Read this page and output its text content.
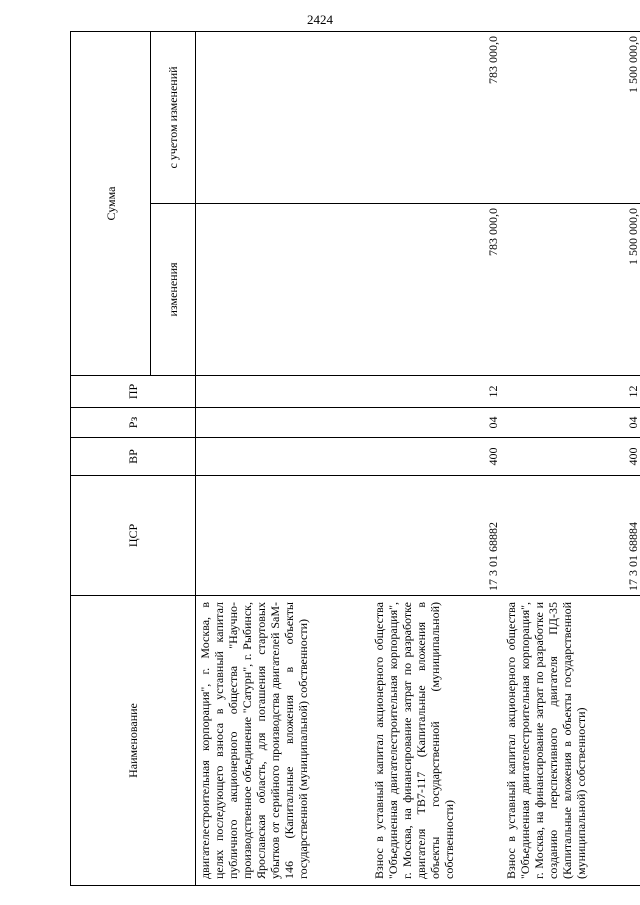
2424
Наименование	ЦСР	ВР	Рз	ПР	Сумма	
					изменения	с учетом изменений
двигателестроительная корпорация", г. Москва, в целях последующего взноса в уставный капитал публичного акционерного общества "Научно-производственное объединение "Сатурн", г. Рыбинск, Ярославская область, для погашения стартовых убытков от серийного производства двигателей SaM-146 (Капитальные вложения в объекты государственной (муниципальной) собственности)						
Взнос в уставный капитал акционерного общества "Объединенная двигателестроительная корпорация", г. Москва, на финансирование затрат по разработке двигателя ТВ7-117 (Капитальные вложения в объекты государственной (муниципальной) собственности)	17 3 01 68882	400	04	12	783 000,0	783 000,0
Взнос в уставный капитал акционерного общества "Объединенная двигателестроительная корпорация", г. Москва, на финансирование затрат по разработке и созданию перспективного двигателя ПД-35 (Капитальные вложения в объекты государственной (муниципальной) собственности)	17 3 01 68884	400	04	12	1 500 000,0	1 500 000,0
